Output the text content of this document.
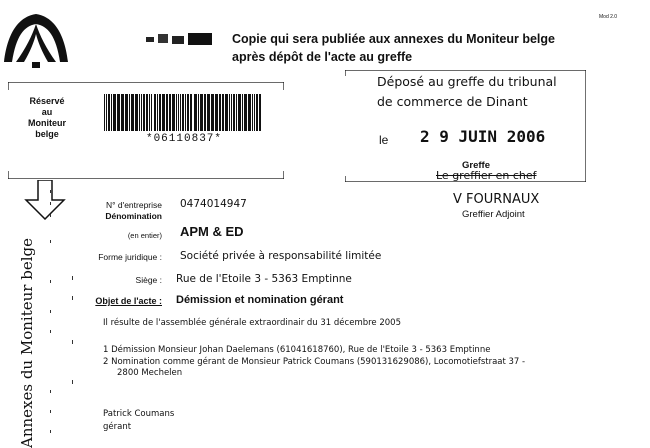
Mod 2.0
Copie qui sera publiée aux annexes du Moniteur belge
après dépôt de l'acte au greffe
Réservé
au
Moniteur
belge	*06110837*
Annexes du Moniteur belge
Déposé au greffe du tribunal
de commerce de Dinant
le 2 9 JUIN 2006
Greffe
Le greffier en chef
V FOURNAUX
Greffier Adjoint
N° d'entreprise 0474014947
Dénomination
(en entier) APM & ED
Forme juridique : Société privée à responsabilité limitée
Siège : Rue de l'Etoile 3 - 5363 Emptinne
Objet de l'acte : Démission et nomination gérant
Il résulte de l'assemblée générale extraordinair du 31 décembre 2005
1 Démission Monsieur Johan Daelemans (61041618760), Rue de l'Etoile 3 - 5363 Emptinne
2 Nomination comme gérant de Monsieur Patrick Coumans (590131629086), Locomotiefstraat 37 -
2800 Mechelen
Patrick Coumans
gérant
